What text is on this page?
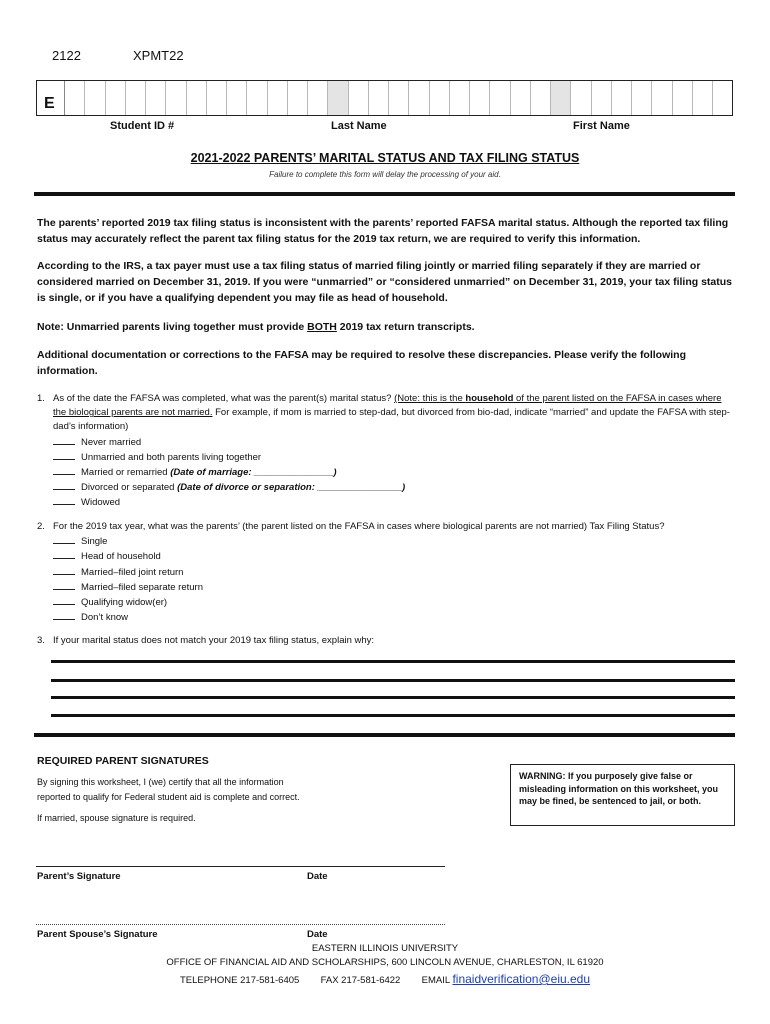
2122	XPMT22
E
Student ID #	Last Name	First Name
2021-2022 PARENTS’ MARITAL STATUS AND TAX FILING STATUS
Failure to complete this form will delay the processing of your aid.
The parents’ reported 2019 tax filing status is inconsistent with the parents’ reported FAFSA marital status. Although the reported tax filing status may accurately reflect the parent tax filing status for the 2019 tax return, we are required to verify this information.
According to the IRS, a tax payer must use a tax filing status of married filing jointly or married filing separately if they are married or considered married on December 31, 2019. If you were “unmarried” or “considered unmarried” on December 31, 2019, your tax filing status is single, or if you have a qualifying dependent you may file as head of household.
Note: Unmarried parents living together must provide BOTH 2019 tax return transcripts.
Additional documentation or corrections to the FAFSA may be required to resolve these discrepancies. Please verify the following information.
1. As of the date the FAFSA was completed, what was the parent(s) marital status? (Note: this is the household of the parent listed on the FAFSA in cases where the biological parents are not married. For example, if mom is married to step-dad, but divorced from bio-dad, indicate “married” and update the FAFSA with step-dad’s information)
Never married
Unmarried and both parents living together
Married or remarried (Date of marriage: _______________)
Divorced or separated (Date of divorce or separation: ________________)
Widowed
2. For the 2019 tax year, what was the parents’ (the parent listed on the FAFSA in cases where biological parents are not married) Tax Filing Status?
Single
Head of household
Married–filed joint return
Married–filed separate return
Qualifying widow(er)
Don’t know
3. If your marital status does not match your 2019 tax filing status, explain why:
REQUIRED PARENT SIGNATURES
By signing this worksheet, I (we) certify that all the information
reported to qualify for Federal student aid is complete and correct.
If married, spouse signature is required.
WARNING: If you purposely give false or misleading information on this worksheet, you may be fined, be sentenced to jail, or both.
Parent’s Signature	Date
Parent Spouse’s Signature	Date
EASTERN ILLINOIS UNIVERSITY
OFFICE OF FINANCIAL AID AND SCHOLARSHIPS, 600 LINCOLN AVENUE, CHARLESTON, IL 61920
TELEPHONE 217-581-6405 FAX 217-581-6422 EMAIL finaidverification@eiu.edu
